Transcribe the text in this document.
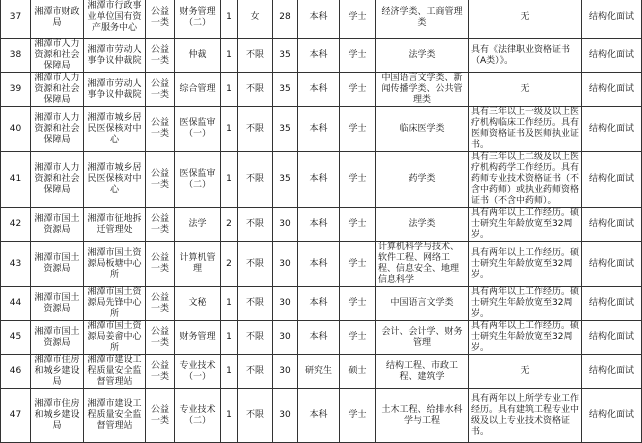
37	湘潭市财政局	湘潭市行政事业单位国有资产服务中心	公益一类	财务管理（二）	1	女	28	本科	学士	经济学类、工商管理类	无	结构化面试
38	湘潭市人力资源和社会保障局	湘潭市劳动人事争议仲裁院	公益一类	仲裁	1	不限	35	本科	学士	法学类	具有《法律职业资格证书（A类）》。	结构化面试
39	湘潭市人力资源和社会保障局	湘潭市劳动人事争议仲裁院	公益一类	综合管理	1	不限	35	本科	学士	中国语言文学类、新闻传播学类、公共管理类	无	结构化面试
40	湘潭市人力资源和社会保障局	湘潭市城乡居民医保核对中心	公益一类	医保监审（一）	1	不限	35	本科	学士	临床医学类	具有三年以上一级及以上医疗机构临床工作经历。具有医师资格证书及医师执业证书。	结构化面试
41	湘潭市人力资源和社会保障局	湘潭市城乡居民医保核对中心	公益一类	医保监审（二）	1	不限	35	本科	学士	药学类	具有三年以上二级及以上医疗机构药学工作经历。具有药师专业技术资格证书（不含中药师）或执业药师资格证书（不含中药师）。	结构化面试
42	湘潭市国土资源局	湘潭市征地拆迁管理处	公益一类	法学	2	不限	30	本科	学士	法学类	具有两年以上工作经历。硕士研究生年龄放宽至32周岁。	结构化面试
43	湘潭市国土资源局	湘潭市国土资源局板塘中心所	公益一类	计算机管理	2	不限	30	本科	学士	计算机科学与技术、软件工程、网络工程、信息安全、地理信息科学	具有两年以上工作经历。硕士研究生年龄放宽至32周岁。	结构化面试
44	湘潭市国土资源局	湘潭市国土资源局先锋中心所	公益一类	文秘	1	不限	30	本科	学士	中国语言文学类	具有两年以上工作经历。硕士研究生年龄放宽至32周岁。	结构化面试
45	湘潭市国土资源局	湘潭市国土资源局姜畲中心所	公益一类	财务管理	1	不限	30	本科	学士	会计、会计学、财务管理	具有两年以上工作经历。硕士研究生年龄放宽至32周岁。	结构化面试
46	湘潭市住房和城乡建设局	湘潭市建设工程质量安全监督管理站	公益一类	专业技术（一）	1	不限	30	研究生	硕士	结构工程、市政工程、建筑学	无	结构化面试
47	湘潭市住房和城乡建设局	湘潭市建设工程质量安全监督管理站	公益一类	专业技术（二）	1	不限	30	本科	学士	土木工程、给排水科学与工程	具有两年以上所学专业工作经历。具有建筑工程专业中级及以上专业技术资格证书。	结构化面试
